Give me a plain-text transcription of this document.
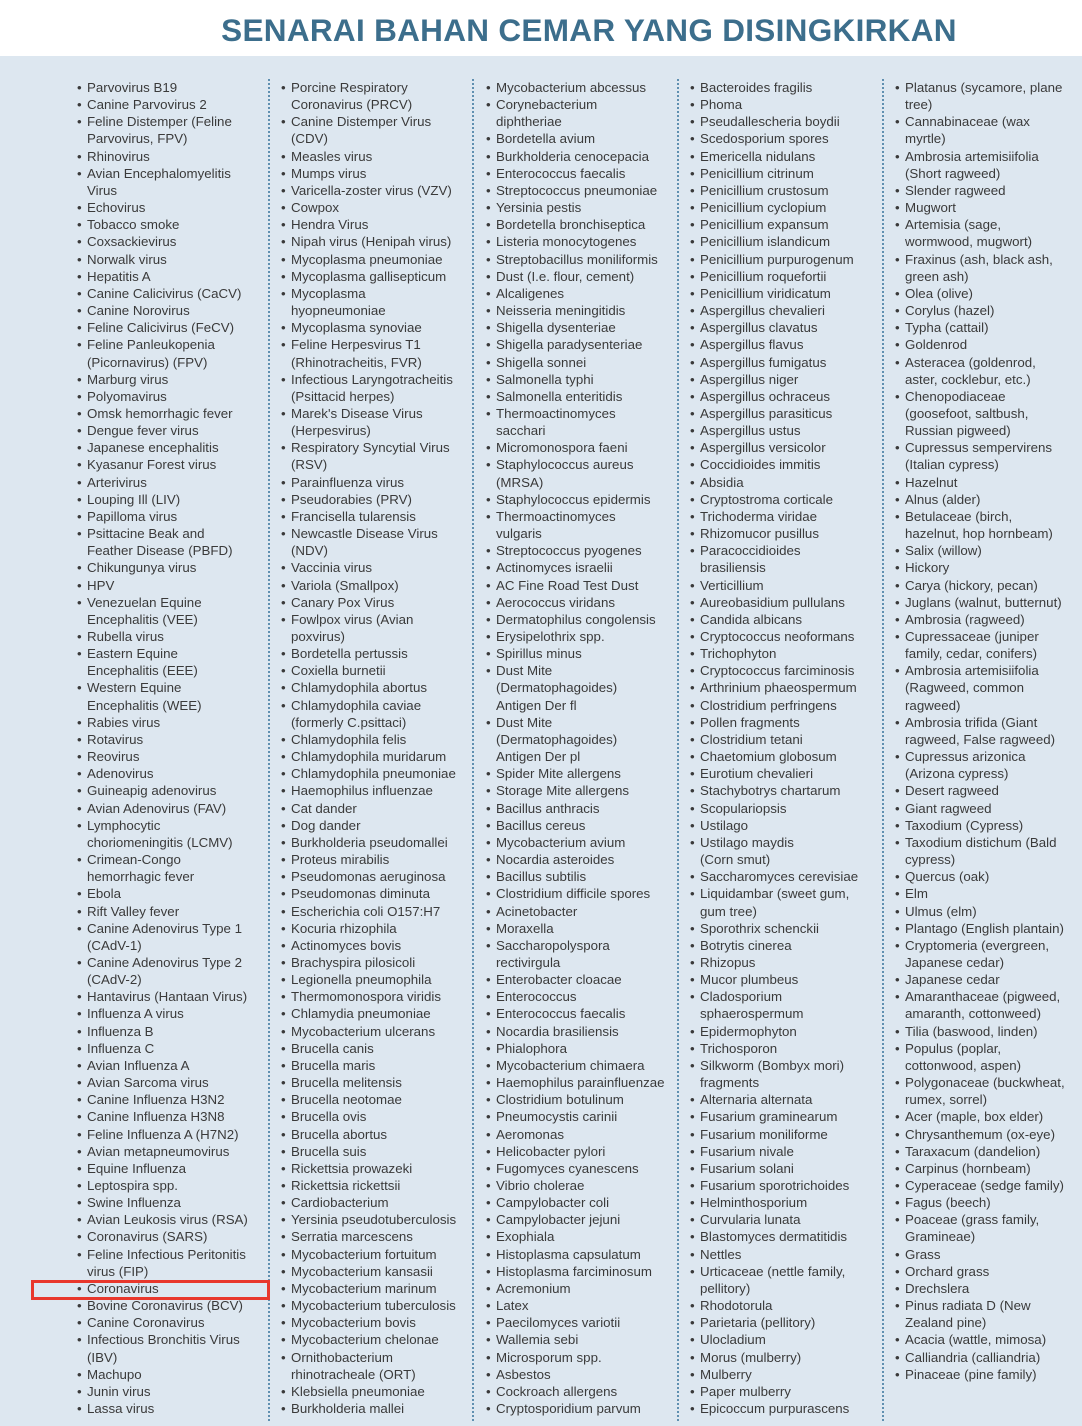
SENARAI BAHAN CEMAR YANG DISINGKIRKAN
• Parvovirus B19
• Canine Parvovirus 2
• Feline Distemper (Feline
Parvovirus, FPV)
• Rhinovirus
• Avian Encephalomyelitis
Virus
• Echovirus
• Tobacco smoke
• Coxsackievirus
• Norwalk virus
• Hepatitis A
• Canine Calicivirus (CaCV)
• Canine Norovirus
• Feline Calicivirus (FeCV)
• Feline Panleukopenia
(Picornavirus) (FPV)
• Marburg virus
• Polyomavirus
• Omsk hemorrhagic fever
• Dengue fever virus
• Japanese encephalitis
• Kyasanur Forest virus
• Arterivirus
• Louping Ill (LIV)
• Papilloma virus
• Psittacine Beak and
Feather Disease (PBFD)
• Chikungunya virus
• HPV
• Venezuelan Equine
Encephalitis (VEE)
• Rubella virus
• Eastern Equine
Encephalitis (EEE)
• Western Equine
Encephalitis (WEE)
• Rabies virus
• Rotavirus
• Reovirus
• Adenovirus
• Guineapig adenovirus
• Avian Adenovirus (FAV)
• Lymphocytic
choriomeningitis (LCMV)
• Crimean-Congo
hemorrhagic fever
• Ebola
• Rift Valley fever
• Canine Adenovirus Type 1
(CAdV-1)
• Canine Adenovirus Type 2
(CAdV-2)
• Hantavirus (Hantaan Virus)
• Influenza A virus
• Influenza B
• Influenza C
• Avian Influenza A
• Avian Sarcoma virus
• Canine Influenza H3N2
• Canine Influenza H3N8
• Feline Influenza A (H7N2)
• Avian metapneumovirus
• Equine Influenza
• Leptospira spp.
• Swine Influenza
• Avian Leukosis virus (RSA)
• Coronavirus (SARS)
• Feline Infectious Peritonitis
virus (FIP)
• Coronavirus
• Bovine Coronavirus (BCV)
• Canine Coronavirus
• Infectious Bronchitis Virus
(IBV)
• Machupo
• Junin virus
• Lassa virus
• Porcine Respiratory
Coronavirus (PRCV)
• Canine Distemper Virus
(CDV)
• Measles virus
• Mumps virus
• Varicella-zoster virus (VZV)
• Cowpox
• Hendra Virus
• Nipah virus (Henipah virus)
• Mycoplasma pneumoniae
• Mycoplasma gallisepticum
• Mycoplasma
hyopneumoniae
• Mycoplasma synoviae
• Feline Herpesvirus T1
(Rhinotracheitis, FVR)
• Infectious Laryngotracheitis
(Psittacid herpes)
• Marek's Disease Virus
(Herpesvirus)
• Respiratory Syncytial Virus
(RSV)
• Parainfluenza virus
• Pseudorabies (PRV)
• Francisella tularensis
• Newcastle Disease Virus
(NDV)
• Vaccinia virus
• Variola (Smallpox)
• Canary Pox Virus
• Fowlpox virus (Avian
poxvirus)
• Bordetella pertussis
• Coxiella burnetii
• Chlamydophila abortus
• Chlamydophila caviae
(formerly C.psittaci)
• Chlamydophila felis
• Chlamydophila muridarum
• Chlamydophila pneumoniae
• Haemophilus influenzae
• Cat dander
• Dog dander
• Burkholderia pseudomallei
• Proteus mirabilis
• Pseudomonas aeruginosa
• Pseudomonas diminuta
• Escherichia coli O157:H7
• Kocuria rhizophila
• Actinomyces bovis
• Brachyspira pilosicoli
• Legionella pneumophila
• Thermomonospora viridis
• Chlamydia pneumoniae
• Mycobacterium ulcerans
• Brucella canis
• Brucella maris
• Brucella melitensis
• Brucella neotomae
• Brucella ovis
• Brucella abortus
• Brucella suis
• Rickettsia prowazeki
• Rickettsia rickettsii
• Cardiobacterium
• Yersinia pseudotuberculosis
• Serratia marcescens
• Mycobacterium fortuitum
• Mycobacterium kansasii
• Mycobacterium marinum
• Mycobacterium tuberculosis
• Mycobacterium bovis
• Mycobacterium chelonae
• Ornithobacterium
rhinotracheale (ORT)
• Klebsiella pneumoniae
• Burkholderia mallei
• Mycobacterium abcessus
• Corynebacterium
diphtheriae
• Bordetella avium
• Burkholderia cenocepacia
• Enterococcus faecalis
• Streptococcus pneumoniae
• Yersinia pestis
• Bordetella bronchiseptica
• Listeria monocytogenes
• Streptobacillus moniliformis
• Dust (I.e. flour, cement)
• Alcaligenes
• Neisseria meningitidis
• Shigella dysenteriae
• Shigella paradysenteriae
• Shigella sonnei
• Salmonella typhi
• Salmonella enteritidis
• Thermoactinomyces
sacchari
• Micromonospora faeni
• Staphylococcus aureus
(MRSA)
• Staphylococcus epidermis
• Thermoactinomyces
vulgaris
• Streptococcus pyogenes
• Actinomyces israelii
• AC Fine Road Test Dust
• Aerococcus viridans
• Dermatophilus congolensis
• Erysipelothrix spp.
• Spirillus minus
• Dust Mite
(Dermatophagoides)
Antigen Der fl
• Dust Mite
(Dermatophagoides)
Antigen Der pl
• Spider Mite allergens
• Storage Mite allergens
• Bacillus anthracis
• Bacillus cereus
• Mycobacterium avium
• Nocardia asteroides
• Bacillus subtilis
• Clostridium difficile spores
• Acinetobacter
• Moraxella
• Saccharopolyspora
rectivirgula
• Enterobacter cloacae
• Enterococcus
• Enterococcus faecalis
• Nocardia brasiliensis
• Phialophora
• Mycobacterium chimaera
• Haemophilus parainfluenzae
• Clostridium botulinum
• Pneumocystis carinii
• Aeromonas
• Helicobacter pylori
• Fugomyces cyanescens
• Vibrio cholerae
• Campylobacter coli
• Campylobacter jejuni
• Exophiala
• Histoplasma capsulatum
• Histoplasma farciminosum
• Acremonium
• Latex
• Paecilomyces variotii
• Wallemia sebi
• Microsporum spp.
• Asbestos
• Cockroach allergens
• Cryptosporidium parvum
• Bacteroides fragilis
• Phoma
• Pseudallescheria boydii
• Scedosporium spores
• Emericella nidulans
• Penicillium citrinum
• Penicillium crustosum
• Penicillium cyclopium
• Penicillium expansum
• Penicillium islandicum
• Penicillium purpurogenum
• Penicillium roquefortii
• Penicillium viridicatum
• Aspergillus chevalieri
• Aspergillus clavatus
• Aspergillus flavus
• Aspergillus fumigatus
• Aspergillus niger
• Aspergillus ochraceus
• Aspergillus parasiticus
• Aspergillus ustus
• Aspergillus versicolor
• Coccidioides immitis
• Absidia
• Cryptostroma corticale
• Trichoderma viridae
• Rhizomucor pusillus
• Paracoccidioides
brasiliensis
• Verticillium
• Aureobasidium pullulans
• Candida albicans
• Cryptococcus neoformans
• Trichophyton
• Cryptococcus farciminosis
• Arthrinium phaeospermum
• Clostridium perfringens
• Pollen fragments
• Clostridium tetani
• Chaetomium globosum
• Eurotium chevalieri
• Stachybotrys chartarum
• Scopulariopsis
• Ustilago
• Ustilago maydis
(Corn smut)
• Saccharomyces cerevisiae
• Liquidambar (sweet gum,
gum tree)
• Sporothrix schenckii
• Botrytis cinerea
• Rhizopus
• Mucor plumbeus
• Cladosporium
sphaerospermum
• Epidermophyton
• Trichosporon
• Silkworm (Bombyx mori)
fragments
• Alternaria alternata
• Fusarium graminearum
• Fusarium moniliforme
• Fusarium nivale
• Fusarium solani
• Fusarium sporotrichoides
• Helminthosporium
• Curvularia lunata
• Blastomyces dermatitidis
• Nettles
• Urticaceae (nettle family,
pellitory)
• Rhodotorula
• Parietaria (pellitory)
• Ulocladium
• Morus (mulberry)
• Mulberry
• Paper mulberry
• Epicoccum purpurascens
• Platanus (sycamore, plane
tree)
• Cannabinaceae (wax
myrtle)
• Ambrosia artemisiifolia
(Short ragweed)
• Slender ragweed
• Mugwort
• Artemisia (sage,
wormwood, mugwort)
• Fraxinus (ash, black ash,
green ash)
• Olea (olive)
• Corylus (hazel)
• Typha (cattail)
• Goldenrod
• Asteracea (goldenrod,
aster, cocklebur, etc.)
• Chenopodiaceae
(goosefoot, saltbush,
Russian pigweed)
• Cupressus sempervirens
(Italian cypress)
• Hazelnut
• Alnus (alder)
• Betulaceae (birch,
hazelnut, hop hornbeam)
• Salix (willow)
• Hickory
• Carya (hickory, pecan)
• Juglans (walnut, butternut)
• Ambrosia (ragweed)
• Cupressaceae (juniper
family, cedar, conifers)
• Ambrosia artemisiifolia
(Ragweed, common
ragweed)
• Ambrosia trifida (Giant
ragweed, False ragweed)
• Cupressus arizonica
(Arizona cypress)
• Desert ragweed
• Giant ragweed
• Taxodium (Cypress)
• Taxodium distichum (Bald
cypress)
• Quercus (oak)
• Elm
• Ulmus (elm)
• Plantago (English plantain)
• Cryptomeria (evergreen,
Japanese cedar)
• Japanese cedar
• Amaranthaceae (pigweed,
amaranth, cottonweed)
• Tilia (baswood, linden)
• Populus (poplar,
cottonwood, aspen)
• Polygonaceae (buckwheat,
rumex, sorrel)
• Acer (maple, box elder)
• Chrysanthemum (ox-eye)
• Taraxacum (dandelion)
• Carpinus (hornbeam)
• Cyperaceae (sedge family)
• Fagus (beech)
• Poaceae (grass family,
Gramineae)
• Grass
• Orchard grass
• Drechslera
• Pinus radiata D (New
Zealand pine)
• Acacia (wattle, mimosa)
• Calliandria (calliandria)
• Pinaceae (pine family)
